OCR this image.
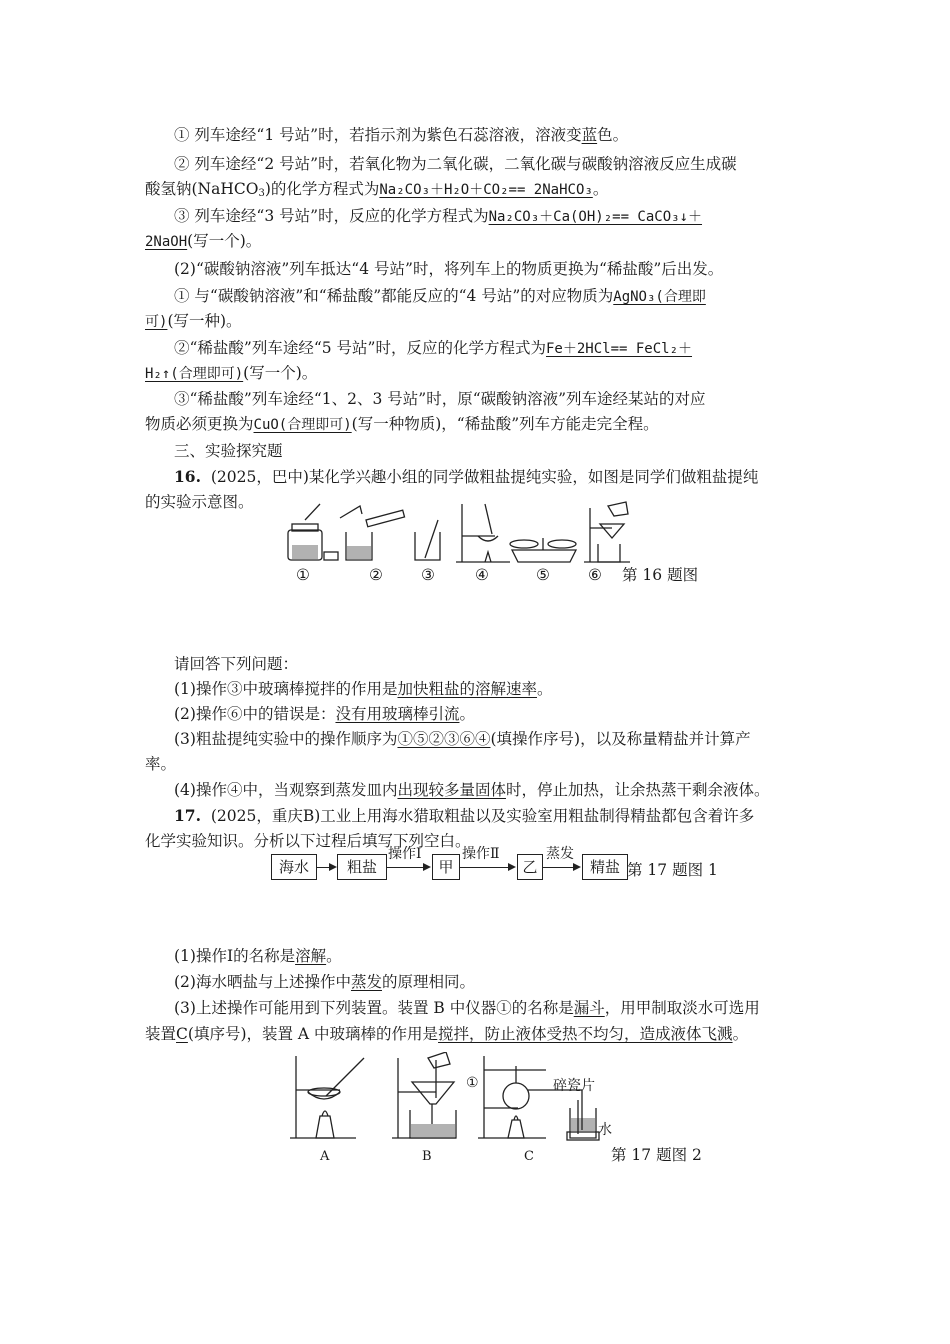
① 列车途经“1 号站”时，若指示剂为紫色石蕊溶液，溶液变蓝色。
② 列车途经“2 号站”时，若氧化物为二氧化碳，二氧化碳与碳酸钠溶液反应生成碳
酸氢钠(NaHCO$_3$)的化学方程式为Na₂CO₃＋H₂O＋CO₂== 2NaHCO₃。
③ 列车途经“3 号站”时，反应的化学方程式为Na₂CO₃＋Ca(OH)₂== CaCO₃↓＋
2NaOH(写一个)。
(2)“碳酸钠溶液”列车抵达“4 号站”时，将列车上的物质更换为“稀盐酸”后出发。
① 与“碳酸钠溶液”和“稀盐酸”都能反应的“4 号站”的对应物质为AgNO₃(合理即
可)(写一种)。
②“稀盐酸”列车途经“5 号站”时，反应的化学方程式为Fe＋2HCl== FeCl₂＋
H₂↑(合理即可)(写一个)。
③“稀盐酸”列车途经“1、2、3 号站”时，原“碳酸钠溶液”列车途经某站的对应
物质必须更换为CuO(合理即可)(写一种物质)，“稀盐酸”列车方能走完全程。
三、实验探究题
16. (2025，巴中)某化学兴趣小组的同学做粗盐提纯实验，如图是同学们做粗盐提纯
的实验示意图。
①	② ③	④	⑤ ⑥ 第 16 题图
请回答下列问题：
(1)操作③中玻璃棒搅拌的作用是加快粗盐的溶解速率。
(2)操作⑥中的错误是：没有用玻璃棒引流。
(3)粗盐提纯实验中的操作顺序为①⑤②③⑥④(填操作序号)，以及称量精盐并计算产
率。
(4)操作④中，当观察到蒸发皿内出现较多量固体时，停止加热，让余热蒸干剩余液体。
17. (2025，重庆B)工业上用海水猎取粗盐以及实验室用粗盐制得精盐都包含着许多
化学实验知识。分析以下过程后填写下列空白。
海水	粗盐
操作Ⅰ
甲
操作Ⅱ
乙
蒸发
精盐 第 17 题图 1
(1)操作Ⅰ的名称是溶解。
(2)海水晒盐与上述操作中蒸发的原理相同。
(3)上述操作可能用到下列装置。装置 B 中仪器①的名称是漏斗，用甲制取淡水可选用
装置C(填序号)，装置 A 中玻璃棒的作用是搅拌，防止液体受热不均匀，造成液体飞溅。
①	碎瓷片
水
A	B	C	第 17 题图 2
